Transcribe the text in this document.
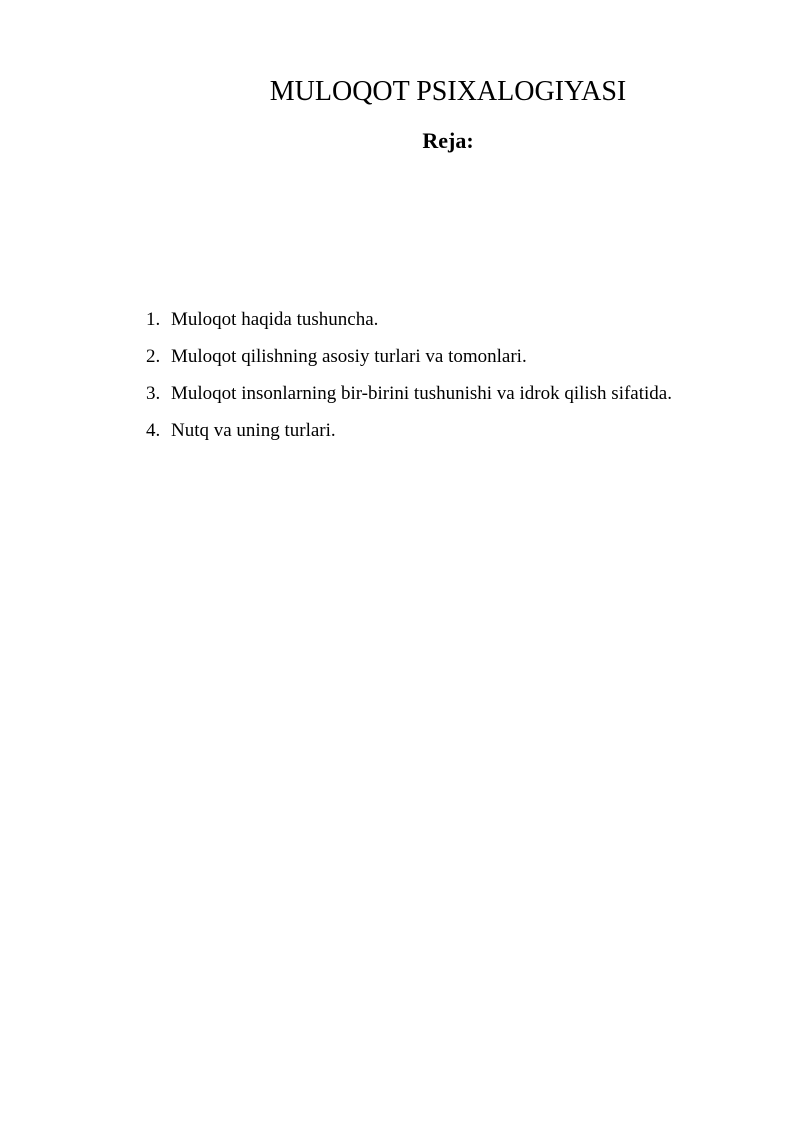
MULOQOT PSIXALOGIYASI
Reja:
1. Muloqot haqida tushuncha.
2. Muloqot qilishning asosiy turlari va tomonlari.
3. Muloqot insonlarning bir-birini tushunishi va idrok qilish sifatida.
4. Nutq va uning turlari.
